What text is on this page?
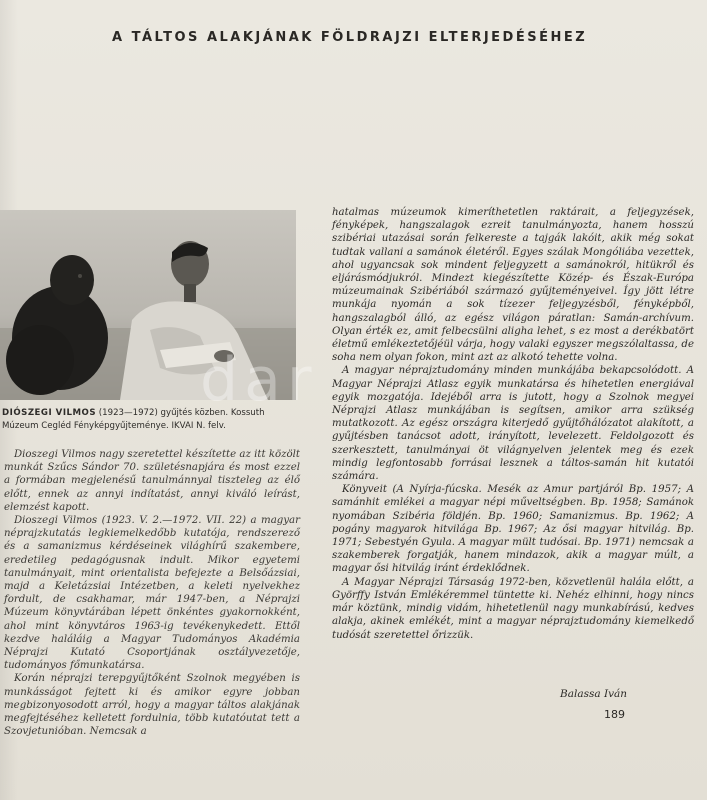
A TÁLTOS ALAKJÁNAK FÖLDRAJZI ELTERJEDÉSÉHEZ
DIÓSZEGI VILMOS (1923—1972) gyűjtés közben. Kossuth Múzeum Cegléd Fényképgyűjteménye. IKVAI N. felv.

Dioszegi Vilmos nagy szeretettel készítette az itt közölt munkát Szűcs Sándor 70. születésnapjára és most ezzel a formában megjelenésű tanulmánnyal tiszteleg az élő előtt, ennek az annyi indítatást, annyi kiváló leírást, elemzést kapott.

Dioszegi Vilmos (1923. V. 2.—1972. VII. 22) a magyar néprajzkutatás legkiemelkedőbb kutatója, rendszerező és a samanizmus kérdéseinek világhírű szakembere, eredetileg pedagógusnak indult. Mikor egyetemi tanulmányait, mint orientalista befejezte a Belsőázsiai, majd a Keletázsiai Intézetben, a keleti nyelvekhez fordult, de csakhamar, már 1947-ben, a Néprajzi Múzeum könyvtárában lépett önkéntes gyakornokként, ahol mint könyvtáros 1963-ig tevékenykedett. Ettől kezdve haláláig a Magyar Tudományos Akadémia Néprajzi Kutató Csoportjának osztályvezetője, tudományos főmunkatársa.

Korán néprajzi terepgyűjtőként Szolnok megyében is munkásságot fejtett ki és amikor egyre jobban megbizonyosodott arról, hogy a magyar táltos alakjának megfejtéséhez kelletett fordulnia, több kutatóutat tett a Szovjetunióban. Nemcsak a

hatalmas múzeumok kimeríthetetlen raktárait, a feljegyzések, fényképek, hangszalagok ezreit tanulmányozta, hanem hosszú szibériai utazásai során felkereste a tajgák lakóit, akik még sokat tudtak vallani a samánok életéről. Egyes szálak Mongóliába vezettek, ahol ugyancsak sok mindent feljegyzett a samánokról, hitükről és eljárásmódjukról. Mindezt kiegészítette Közép- és Észak-Európa múzeumainak Szibériából származó gyűjteményeivel. Így jött létre munkája nyomán a sok tízezer feljegyzésből, fényképből, hangszalagból álló, az egész világon páratlan: Samán-archívum. Olyan érték ez, amit felbecsülni aligha lehet, s ez most a derékbatört életmű emlékeztetőjéül várja, hogy valaki egyszer megszólaltassa, de soha nem olyan fokon, mint azt az alkotó tehette volna.

A magyar néprajztudomány minden munkájába bekapcsolódott. A Magyar Néprajzi Atlasz egyik munkatársa és hihetetlen energiával egyik mozgatója. Idejéből arra is jutott, hogy a Szolnok megyei Néprajzi Atlasz munkájában is segítsen, amikor arra szükség mutatkozott. Az egész országra kiterjedő gyűjtőhálózatot alakított, a gyűjtésben tanácsot adott, irányított, levelezett. Feldolgozott és szerkesztett, tanulmányai öt világnyelven jelentek meg és ezek mindig legfontosabb forrásai lesznek a táltos-samán hit kutatói számára.

Könyveit (A Nyírja-fúcska. Mesék az Amur partjáról Bp. 1957; A samánhit emlékei a magyar népi műveltségben. Bp. 1958; Samánok nyomában Szibéria földjén. Bp. 1960; Samanizmus. Bp. 1962; A pogány magyarok hitvilága Bp. 1967; Az ősi magyar hitvilág. Bp. 1971; Sebestyén Gyula. A magyar mült tudósai. Bp. 1971) nemcsak a szakemberek forgatják, hanem mindazok, akik a magyar múlt, a magyar ősi hitvilág iránt érdeklődnek.

A Magyar Néprajzi Társaság 1972-ben, közvetlenül halála előtt, a Györffy István Emlékéremmel tüntette ki. Nehéz elhinni, hogy nincs már köztünk, mindig vidám, hihetetlenül nagy munkabírású, kedves alakja, akinek emlékét, mint a magyar néprajztudomány kiemelkedő tudósát szeretettel őrizzük.

Balassa Iván
189
dar
